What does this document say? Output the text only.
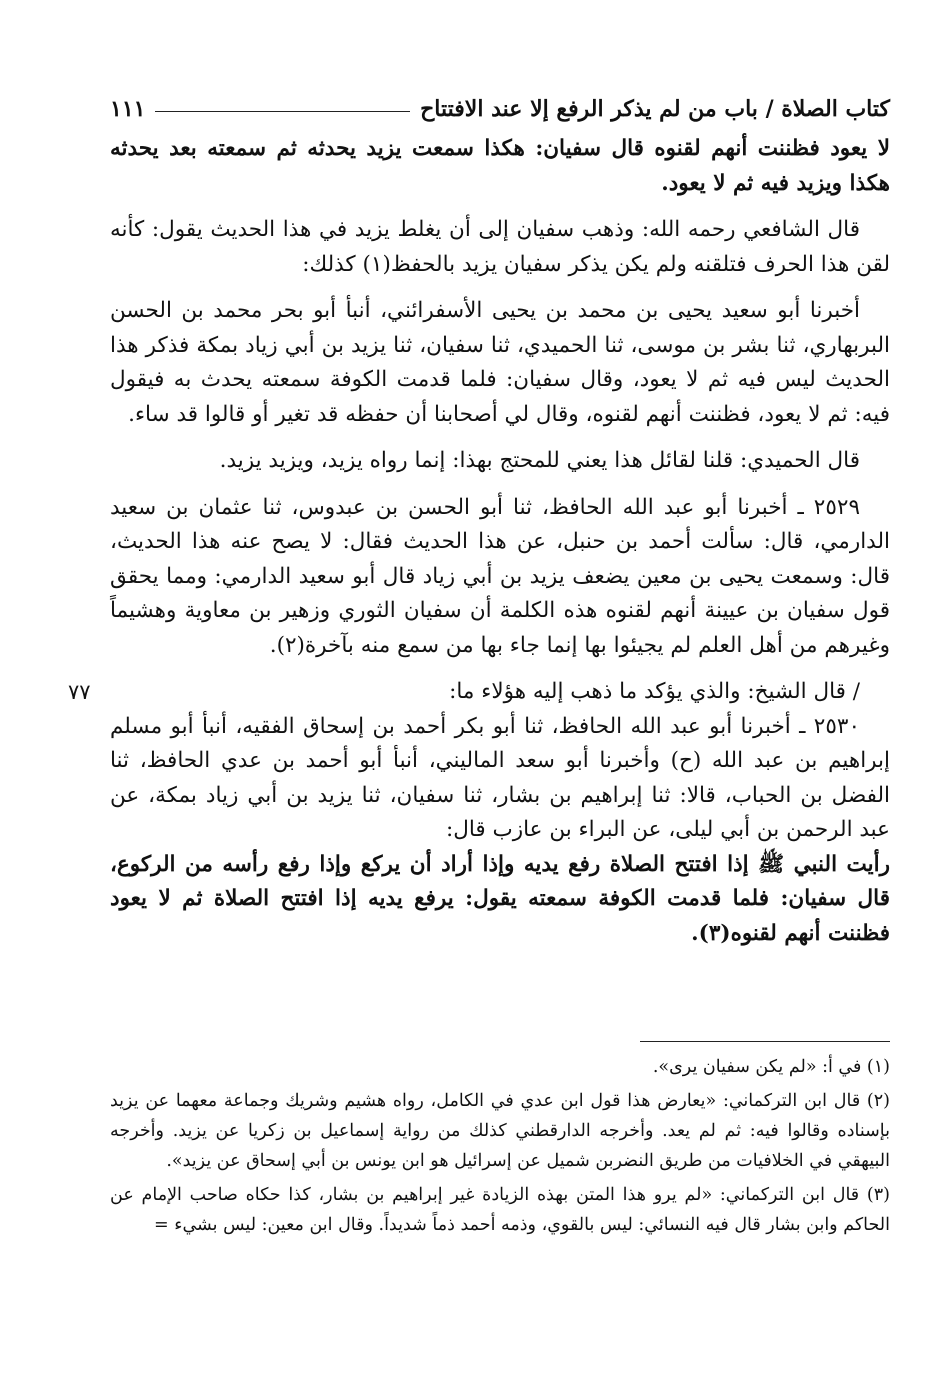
كتاب الصلاة / باب من لم يذكر الرفع إلا عند الافتتاح
١١١

لا يعود فظننت أنهم لقنوه قال سفيان: هكذا سمعت يزيد يحدثه ثم سمعته بعد يحدثه هكذا ويزيد فيه ثم لا يعود.

قال الشافعي رحمه الله: وذهب سفيان إلى أن يغلط يزيد في هذا الحديث يقول: كأنه لقن هذا الحرف فتلقنه ولم يكن يذكر سفيان يزيد بالحفظ(١) كذلك:

أخبرنا أبو سعيد يحيى بن محمد بن يحيى الأسفرائني، أنبأ أبو بحر محمد بن الحسن البربهاري، ثنا بشر بن موسى، ثنا الحميدي، ثنا سفيان، ثنا يزيد بن أبي زياد بمكة فذكر هذا الحديث ليس فيه ثم لا يعود، وقال سفيان: فلما قدمت الكوفة سمعته يحدث به فيقول فيه: ثم لا يعود، فظننت أنهم لقنوه، وقال لي أصحابنا أن حفظه قد تغير أو قالوا قد ساء.

قال الحميدي: قلنا لقائل هذا يعني للمحتج بهذا: إنما رواه يزيد، ويزيد يزيد.

٢٥٢٩ ـ أخبرنا أبو عبد الله الحافظ، ثنا أبو الحسن بن عبدوس، ثنا عثمان بن سعيد الدارمي، قال: سألت أحمد بن حنبل، عن هذا الحديث فقال: لا يصح عنه هذا الحديث، قال: وسمعت يحيى بن معين يضعف يزيد بن أبي زياد قال أبو سعيد الدارمي: ومما يحقق قول سفيان بن عيينة أنهم لقنوه هذه الكلمة أن سفيان الثوري وزهير بن معاوية وهشيماً وغيرهم من أهل العلم لم يجيئوا بها إنما جاء بها من سمع منه بآخرة(٢).

/ قال الشيخ: والذي يؤكد ما ذهب إليه هؤلاء ما:

٧٧

٢٥٣٠ ـ أخبرنا أبو عبد الله الحافظ، ثنا أبو بكر أحمد بن إسحاق الفقيه، أنبأ أبو مسلم إبراهيم بن عبد الله (ح) وأخبرنا أبو سعد الماليني، أنبأ أبو أحمد بن عدي الحافظ، ثنا الفضل بن الحباب، قالا: ثنا إبراهيم بن بشار، ثنا سفيان، ثنا يزيد بن أبي زياد بمكة، عن عبد الرحمن بن أبي ليلى، عن البراء بن عازب قال:

رأيت النبي ﷺ إذا افتتح الصلاة رفع يديه وإذا أراد أن يركع وإذا رفع رأسه من الركوع، قال سفيان: فلما قدمت الكوفة سمعته يقول: يرفع يديه إذا افتتح الصلاة ثم لا يعود فظننت أنهم لقنوه(٣).

(١) في أ: «لم يكن سفيان يرى».

(٢) قال ابن التركماني: «يعارض هذا قول ابن عدي في الكامل، رواه هشيم وشريك وجماعة معهما عن يزيد بإسناده وقالوا فيه: ثم لم يعد. وأخرجه الدارقطني كذلك من رواية إسماعيل بن زكريا عن يزيد. وأخرجه البيهقي في الخلافيات من طريق النضربن شميل عن إسرائيل هو ابن يونس بن أبي إسحاق عن يزيد».

(٣) قال ابن التركماني: «لم يرو هذا المتن بهذه الزيادة غير إبراهيم بن بشار، كذا حكاه صاحب الإمام عن الحاكم وابن بشار قال فيه النسائي: ليس بالقوي، وذمه أحمد ذماً شديداً. وقال ابن معين: ليس بشيء =
